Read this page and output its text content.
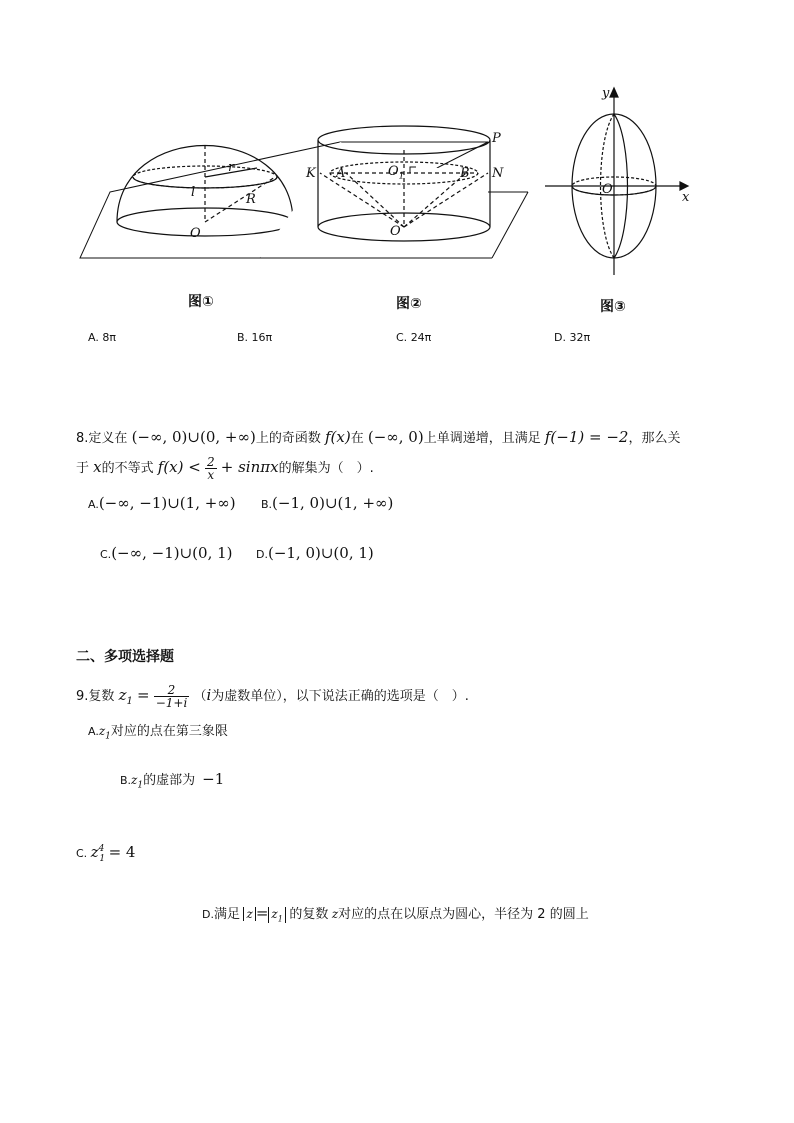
r
l	R
O
P
K A	$O_1$	B N
O
y
x
O
图①	图②	图③
A. 8π	B. 16π	C. 24π	D. 32π
8.定义在 (−∞, 0)∪(0, +∞)上的奇函数 f(x)在 (−∞, 0)上单调递增，且满足 f(−1) = −2，那么关
于 x的不等式 $f(x) < \frac{2}{x} + \sin\pi x$的解集为（　）.
A.(−∞, −1)∪(1, +∞) B.(−1, 0)∪(1, +∞)
C.(−∞, −1)∪(0, 1) D.(−1, 0)∪(0, 1)
二、多项选择题
9.复数 $z_1 = \frac{2}{-1+i} (i$为虚数单位），以下说法正确的选项是（　）.
$A.z_1$对应的点在第三象限
$B.z_1$的虚部为 −1
C. $z^4_1 = 4$
D.满足 $z = z_1$ 的复数 z对应的点在以原点为圆心，半径为 2 的圆上
